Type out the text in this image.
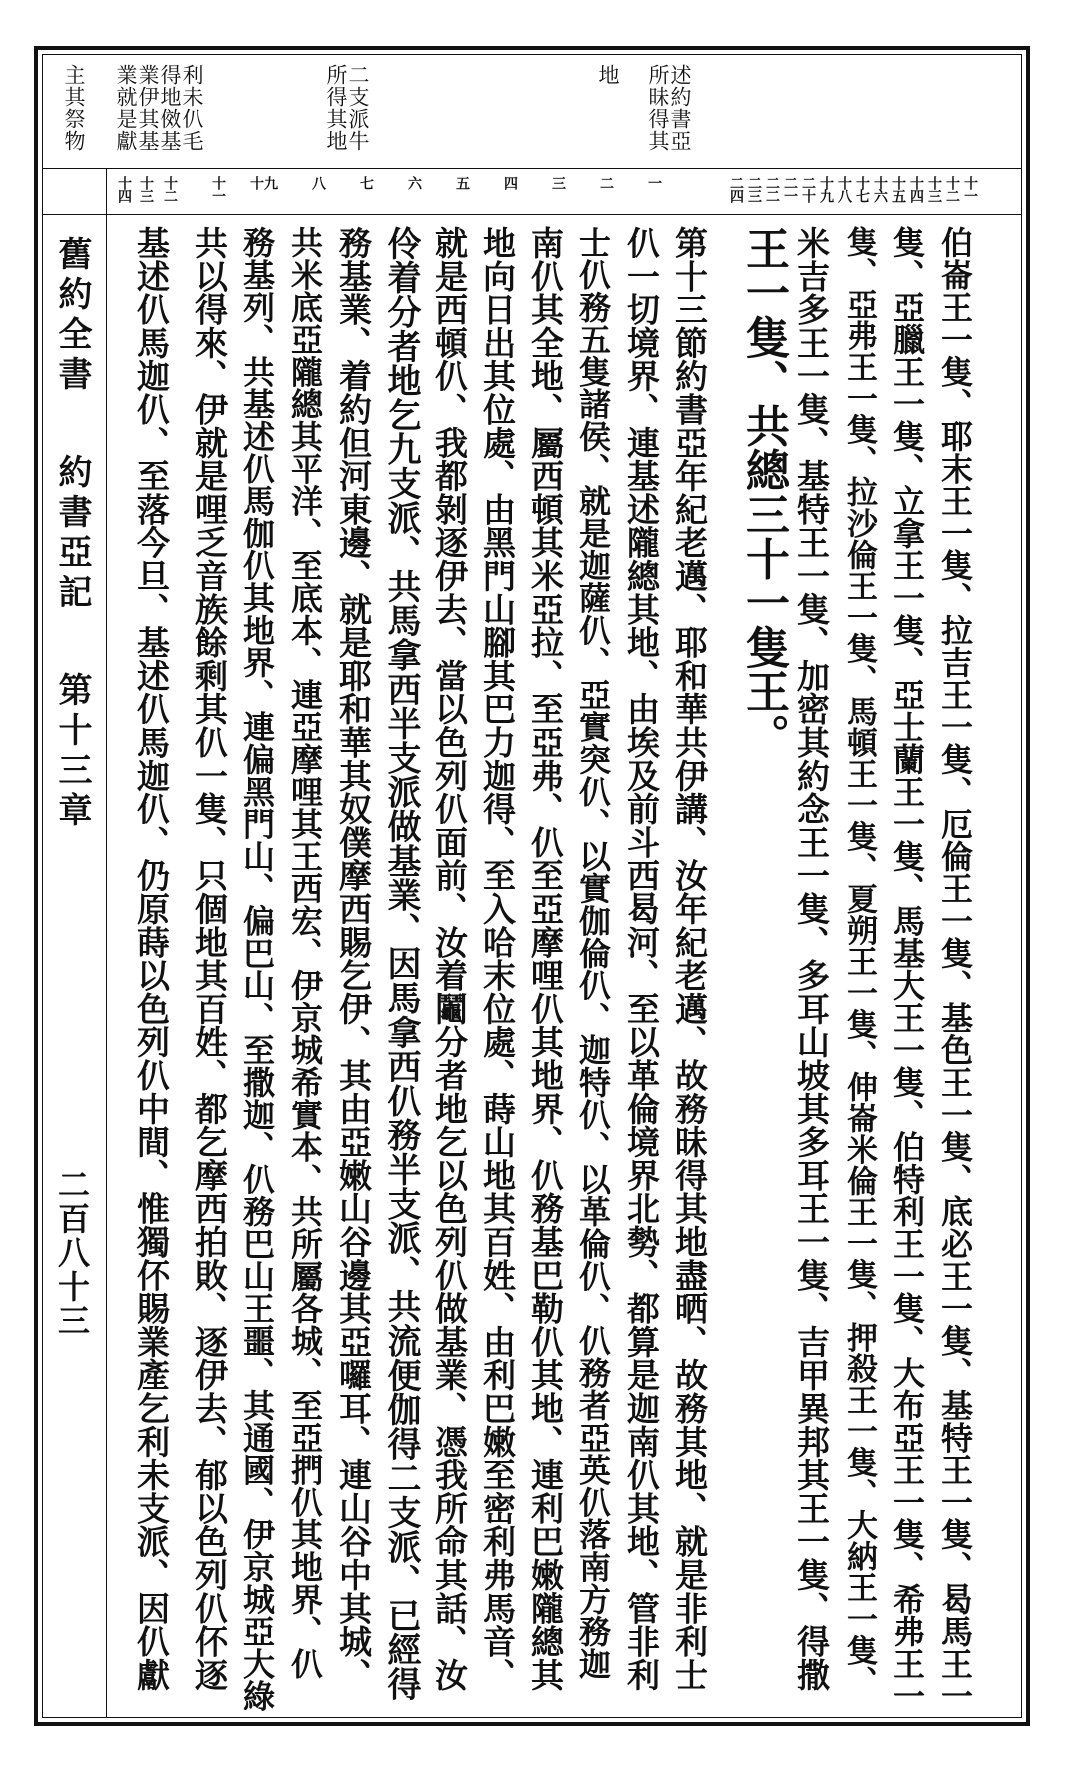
利未仈毛
得地傚基
業伊其基
業就是獻
主其祭物	二支派牛
所得其地	述約書亞
所昧得其
地
十一
十二
十三
十四
十五
十六
十七
十八
十九
二十
二一
二二
二三
二四
一
二
三
四
五
六
七
八
九
十
十一
十二
十三
十四
舊約全書
約書亞記
第十三章
二百八十三	伯崙王一隻、耶末王一隻、拉吉王一隻、厄倫王一隻、基色王一隻、底必王一隻、基特王一隻、曷馬王一
隻、亞臘王一隻、立拿王一隻、亞士蘭王一隻、馬基大王一隻、伯特利王一隻、大布亞王一隻、希弗王一
隻、亞弗王一隻、拉沙倫王一隻、馬頓王一隻、夏朔王一隻、伸崙米倫王一隻、押殺王一隻、大納王一隻、
米吉多王一隻、基特王一隻、加密其約念王一隻、多耳山坡其多耳王一隻、吉甲異邦其王一隻、得撒
王一隻、共總三十一隻王。
第十三節約書亞年紀老邁、耶和華共伊講、汝年紀老邁、故務昧得其地盡晒、故務其地、就是非利士
仈一切境界、連基述隴總其地、由埃及前斗西曷河、至以革倫境界北勢、都算是迦南仈其地、管非利
士仈務五隻諸侯、就是迦薩仈、亞實突仈、以實伽倫仈、迦特仈、以革倫仈、仈務者亞英仈落南方務迦
南仈其全地、屬西頓其米亞拉、至亞弗、仈至亞摩哩仈其地界、仈務基巴勒仈其地、連利巴嫩隴總其
地向日出其位處、由黑門山腳其巴力迦得、至入哈末位處、蒔山地其百姓、由利巴嫩至密利弗馬音、
就是西頓仈、我都剝逐伊去、當以色列仈面前、汝着鬮分者地乞以色列仈做基業、憑我所命其話、汝
伶着分者地乞九支派、共馬拿西半支派做基業、因馬拿西仈務半支派、共流便伽得二支派、已經得
務基業、着約但河東邊、就是耶和華其奴僕摩西賜乞伊、其由亞嫩山谷邊其亞囉耳、連山谷中其城、
共米底亞隴總其平洋、至底本、連亞摩哩其王西宏、伊京城希實本、共所屬各城、至亞捫仈其地界、仈
務基列、共基述仈馬伽仈其地界、連偏黑門山、偏巴山、至撒迦、仈務巴山王噩、其通國、伊京城亞大綠
共以得來、伊就是哩乏音族餘剩其仈一隻、只個地其百姓、都乞摩西拍敗、逐伊去、郁以色列仈伓逐
基述仈馬迦仈、至落今旦、基述仈馬迦仈、仍原蒔以色列仈中間、惟獨伓賜業產乞利未支派、因仈獻
